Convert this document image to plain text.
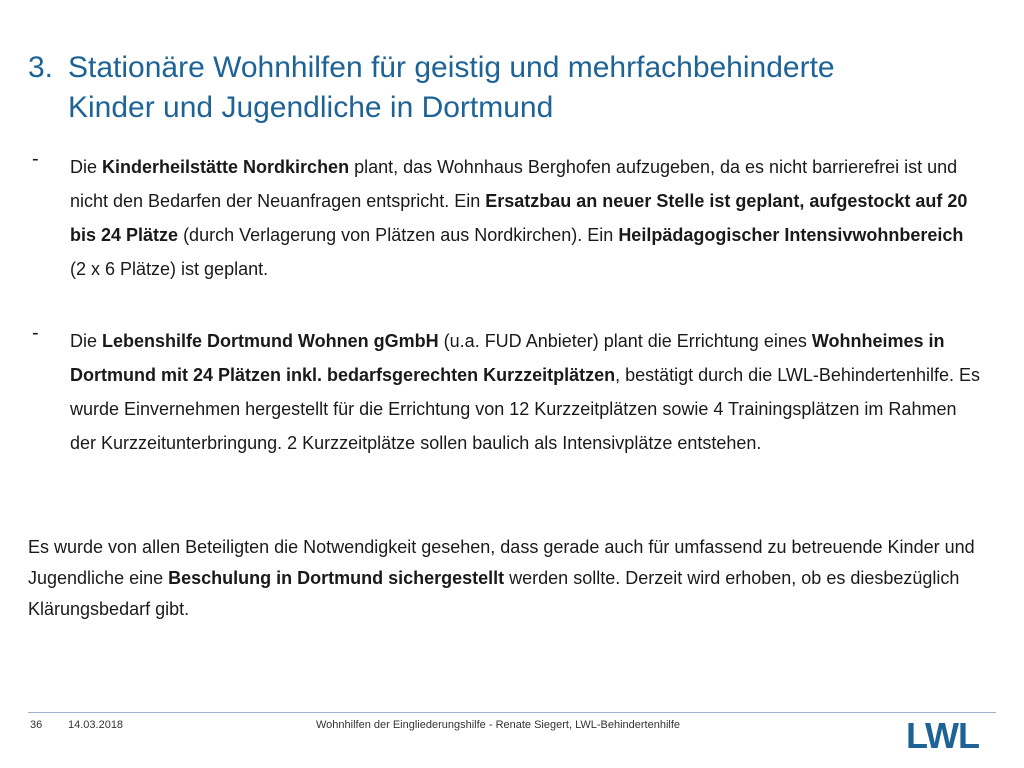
3. Stationäre Wohnhilfen für geistig und mehrfachbehinderte
Kinder und Jugendliche in Dortmund
-	Die Kinderheilstätte Nordkirchen plant, das Wohnhaus Berghofen aufzugeben, da es nicht barrierefrei ist und nicht den Bedarfen der Neuanfragen entspricht. Ein Ersatzbau an neuer Stelle ist geplant, aufgestockt auf 20 bis 24 Plätze (durch Verlagerung von Plätzen aus Nordkirchen). Ein Heilpädagogischer Intensivwohnbereich (2 x 6 Plätze) ist geplant.
-	Die Lebenshilfe Dortmund Wohnen gGmbH (u.a. FUD Anbieter) plant die Errichtung eines Wohnheimes in Dortmund mit 24 Plätzen inkl. bedarfsgerechten Kurzzeitplätzen, bestätigt durch die LWL-Behindertenhilfe. Es wurde Einvernehmen hergestellt für die Errichtung von 12 Kurzzeitplätzen sowie 4 Trainingsplätzen im Rahmen der Kurzzeitunterbringung. 2 Kurzzeitplätze sollen baulich als Intensivplätze entstehen.

Es wurde von allen Beteiligten die Notwendigkeit gesehen, dass gerade auch für umfassend zu betreuende Kinder und Jugendliche eine Beschulung in Dortmund sichergestellt werden sollte. Derzeit wird erhoben, ob es diesbezüglich Klärungsbedarf gibt.

36 14.03.2018	Wohnhilfen der Eingliederungshilfe - Renate Siegert, LWL-Behindertenhilfe	LWL
